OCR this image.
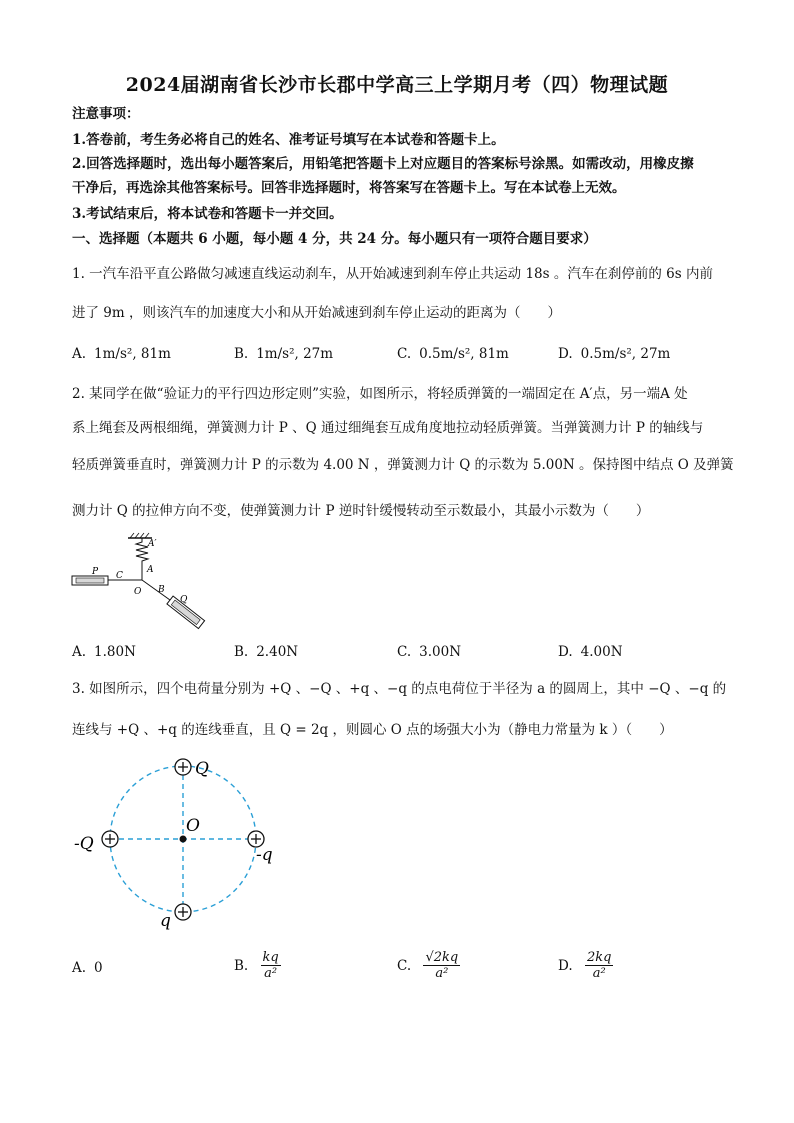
2024届湖南省长沙市长郡中学高三上学期月考（四）物理试题
注意事项：
1.答卷前，考生务必将自己的姓名、准考证号填写在本试卷和答题卡上。
2.回答选择题时，选出每小题答案后，用铅笔把答题卡上对应题目的答案标号涂黑。如需改动，用橡皮擦
干净后，再选涂其他答案标号。回答非选择题时，将答案写在答题卡上。写在本试卷上无效。
3.考试结束后，将本试卷和答题卡一并交回。
一、选择题（本题共 6 小题，每小题 4 分，共 24 分。每小题只有一项符合题目要求）
1. 一汽车沿平直公路做匀减速直线运动刹车，从开始减速到刹车停止共运动 18s 。汽车在刹停前的 6s 内前
进了 9m ，则该汽车的加速度大小和从开始减速到刹车停止运动的距离为（　　）
A. 1m/s², 81m	B. 1m/s², 27m	C. 0.5m/s², 81m	D. 0.5m/s², 27m
2. 某同学在做“验证力的平行四边形定则”实验，如图所示，将轻质弹簧的一端固定在 A′点，另一端A 处
系上绳套及两根细绳，弹簧测力计 P 、Q 通过细绳套互成角度地拉动轻质弹簧。当弹簧测力计 P 的轴线与
轻质弹簧垂直时，弹簧测力计 P 的示数为 4.00 N ，弹簧测力计 Q 的示数为 5.00N 。保持图中结点 O 及弹簧
测力计 Q 的拉伸方向不变，使弹簧测力计 P 逆时针缓慢转动至示数最小，其最小示数为（　　）
A′
A
C
O B
P
Q
A. 1.80N	B. 2.40N	C. 3.00N	D. 4.00N
3. 如图所示，四个电荷量分别为 +Q 、−Q 、+q 、−q 的点电荷位于半径为 a 的圆周上，其中 −Q 、−q 的
连线与 +Q 、+q 的连线垂直，且 Q = 2q ，则圆心 O 点的场强大小为（静电力常量为 k ）（　　）
Q
-Q
-q
q
O
A. 0	B. $\frac{kq}{\text{a²}}$	C. $\frac{√2kq}{\text{a²}}$	D. $\frac{2kq}{\text{a²}}$
